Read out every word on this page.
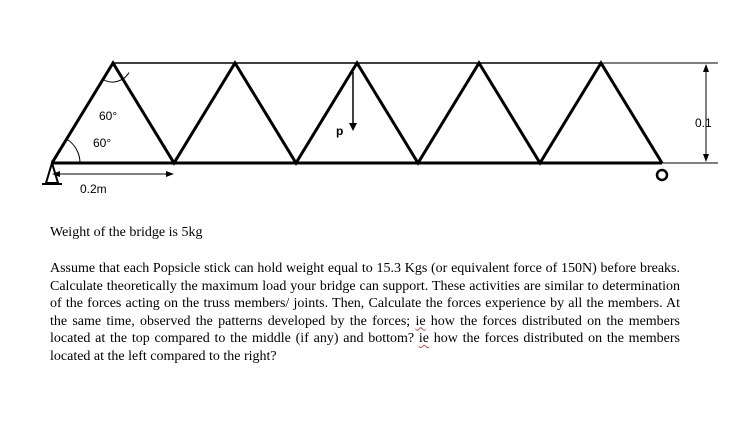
60°
60°
p
0.2m
0.1
Weight of the bridge is 5kg
Assume that each Popsicle stick can hold weight equal to 15.3 Kgs (or equivalent force of 150N) before breaks. Calculate theoretically the maximum load your bridge can support. These activities are similar to determination of the forces acting on the truss members/ joints. Then, Calculate the forces experience by all the members. At the same time, observed the patterns developed by the forces; ie how the forces distributed on the members located at the top compared to the middle (if any) and bottom? ie how the forces distributed on the members located at the left compared to the right?
